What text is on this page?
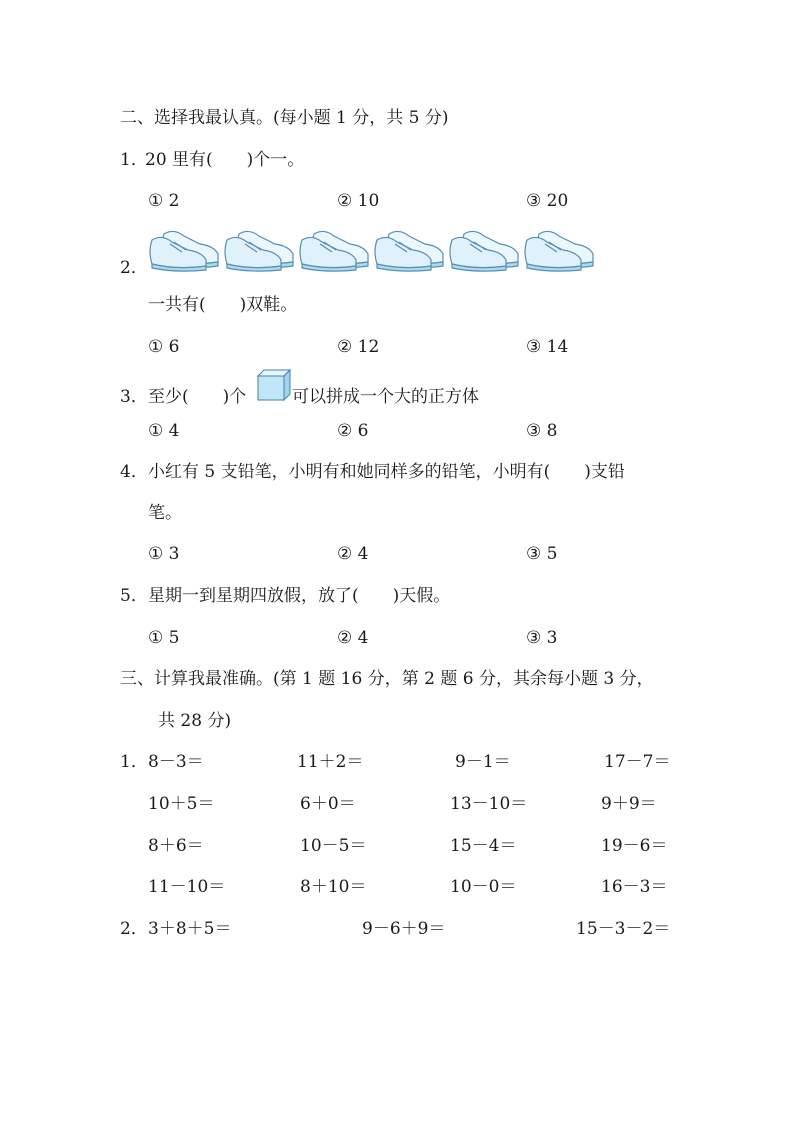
二、选择我最认真。(每小题 1 分，共 5 分)
1．
20 里有(　　)个一。
① 2	② 10	③ 20
2．
一共有(　　)双鞋。
① 6	② 12	③ 14
3． 至少(　　)个	可以拼成一个大的正方体
① 4	② 6	③ 8
4． 小红有 5 支铅笔，小明有和她同样多的铅笔，小明有(　　)支铅
笔。
① 3	② 4	③ 5
5． 星期一到星期四放假，放了(　　)天假。
① 5	② 4	③ 3
三、计算我最准确。(第 1 题 16 分，第 2 题 6 分，其余每小题 3 分，
共 28 分)
1． 8－3＝	11＋2＝	9－1＝	17－7＝
10＋5＝	6＋0＝	13－10＝	9＋9＝
8＋6＝	10－5＝	15－4＝	19－6＝
11－10＝	8＋10＝	10－0＝	16－3＝
2． 3＋8＋5＝	9－6＋9＝	15－3－2＝
